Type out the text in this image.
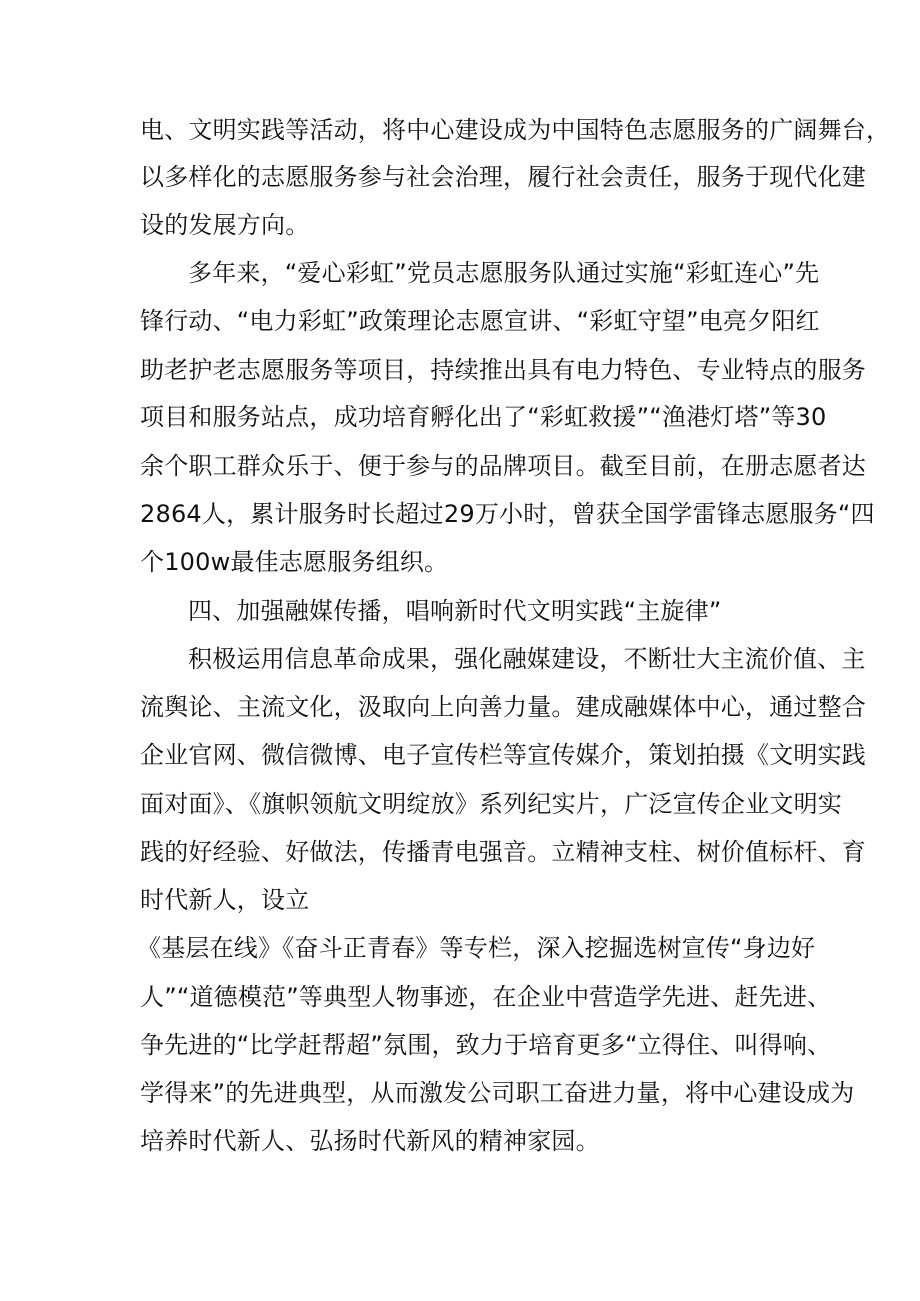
电、文明实践等活动，将中心建设成为中国特色志愿服务的广阔舞台，
以多样化的志愿服务参与社会治理，履行社会责任，服务于现代化建
设的发展方向。
多年来，“爱心彩虹”党员志愿服务队通过实施“彩虹连心”先
锋行动、“电力彩虹”政策理论志愿宣讲、“彩虹守望”电亮夕阳红
助老护老志愿服务等项目，持续推出具有电力特色、专业特点的服务
项目和服务站点，成功培育孵化出了“彩虹救援”“渔港灯塔”等30
余个职工群众乐于、便于参与的品牌项目。截至目前，在册志愿者达
2864人，累计服务时长超过29万小时，曾获全国学雷锋志愿服务“四
个100w最佳志愿服务组织。
四、加强融媒传播，唱响新时代文明实践“主旋律”
积极运用信息革命成果，强化融媒建设，不断壮大主流价值、主
流舆论、主流文化，汲取向上向善力量。建成融媒体中心，通过整合
企业官网、微信微博、电子宣传栏等宣传媒介，策划拍摄《文明实践
面对面》、《旗帜领航文明绽放》系列纪实片，广泛宣传企业文明实
践的好经验、好做法，传播青电强音。立精神支柱、树价值标杆、育
时代新人，设立
《基层在线》《奋斗正青春》等专栏，深入挖掘选树宣传“身边好
人”“道德模范”等典型人物事迹，在企业中营造学先进、赶先进、
争先进的“比学赶帮超”氛围，致力于培育更多“立得住、叫得响、
学得来”的先进典型，从而激发公司职工奋进力量，将中心建设成为
培养时代新人、弘扬时代新风的精神家园。
